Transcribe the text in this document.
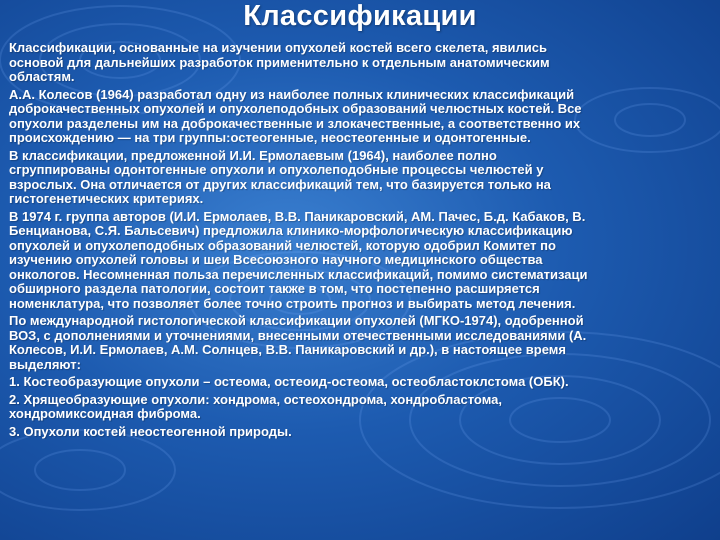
Классификации

Классификации, основанные на изучении опухолей костей всего скелета, явились

основой для дальнейших разработок применительно к отдельным анатомическим

областям.

А.А. Колесов (1964) разработал одну из наиболее полных клинических классификаций

доброкачественных опухолей и опухолеподобных образований челюстных костей. Все

опухоли разделены им на доброкачественные и злокачественные, а соответственно их

происхождению — на три группы:остеогенные, неостеогенные и одонтогенные.

В классификации, предложенной И.И. Ермолаевым (1964), наиболее полно

сгруппированы одонтогенные опухоли и опухолеподобные процессы челюстей у

взрослых. Она отличается от других классификаций тем, что базируется только на

гистогенетических критериях.

В 1974 г. группа авторов (И.И. Ермолаев, В.В. Паникаровский, АМ. Пачес, Б.д. Кабаков, В.

Бенцианова, С.Я. Бальсевич) предложила клинико-морфологическую классификацию

опухолей и опухолеподобных образований челюстей, которую одобрил Комитет по

изучению опухолей головы и шеи Всесоюзного научного медицинского общества

онкологов. Несомненная польза перечисленных классификаций, помимо систематизаци

обширного раздела патологии, состоит также в том, что постепенно расширяется

номенклатура, что позволяет более точно строить прогноз и выбирать метод лечения.

По международной гистологической классификации опухолей (МГКО-1974), одобренной

ВОЗ, с дополнениями и уточнениями, внесенными отечественными исследованиями (А.

Колесов, И.И. Ермолаев, А.М. Солнцев, В.В. Паникаровский и др.), в настоящее время

выделяют:

1. Костеобразующие опухоли – остеома, остеоид-остеома, остеобластоклстома (ОБК).

2. Хрящеобразующие опухоли: хондрома, остеохондрома, хондробластома,

хондромиксоидная фиброма.

3. Опухоли костей неостеогенной природы.
